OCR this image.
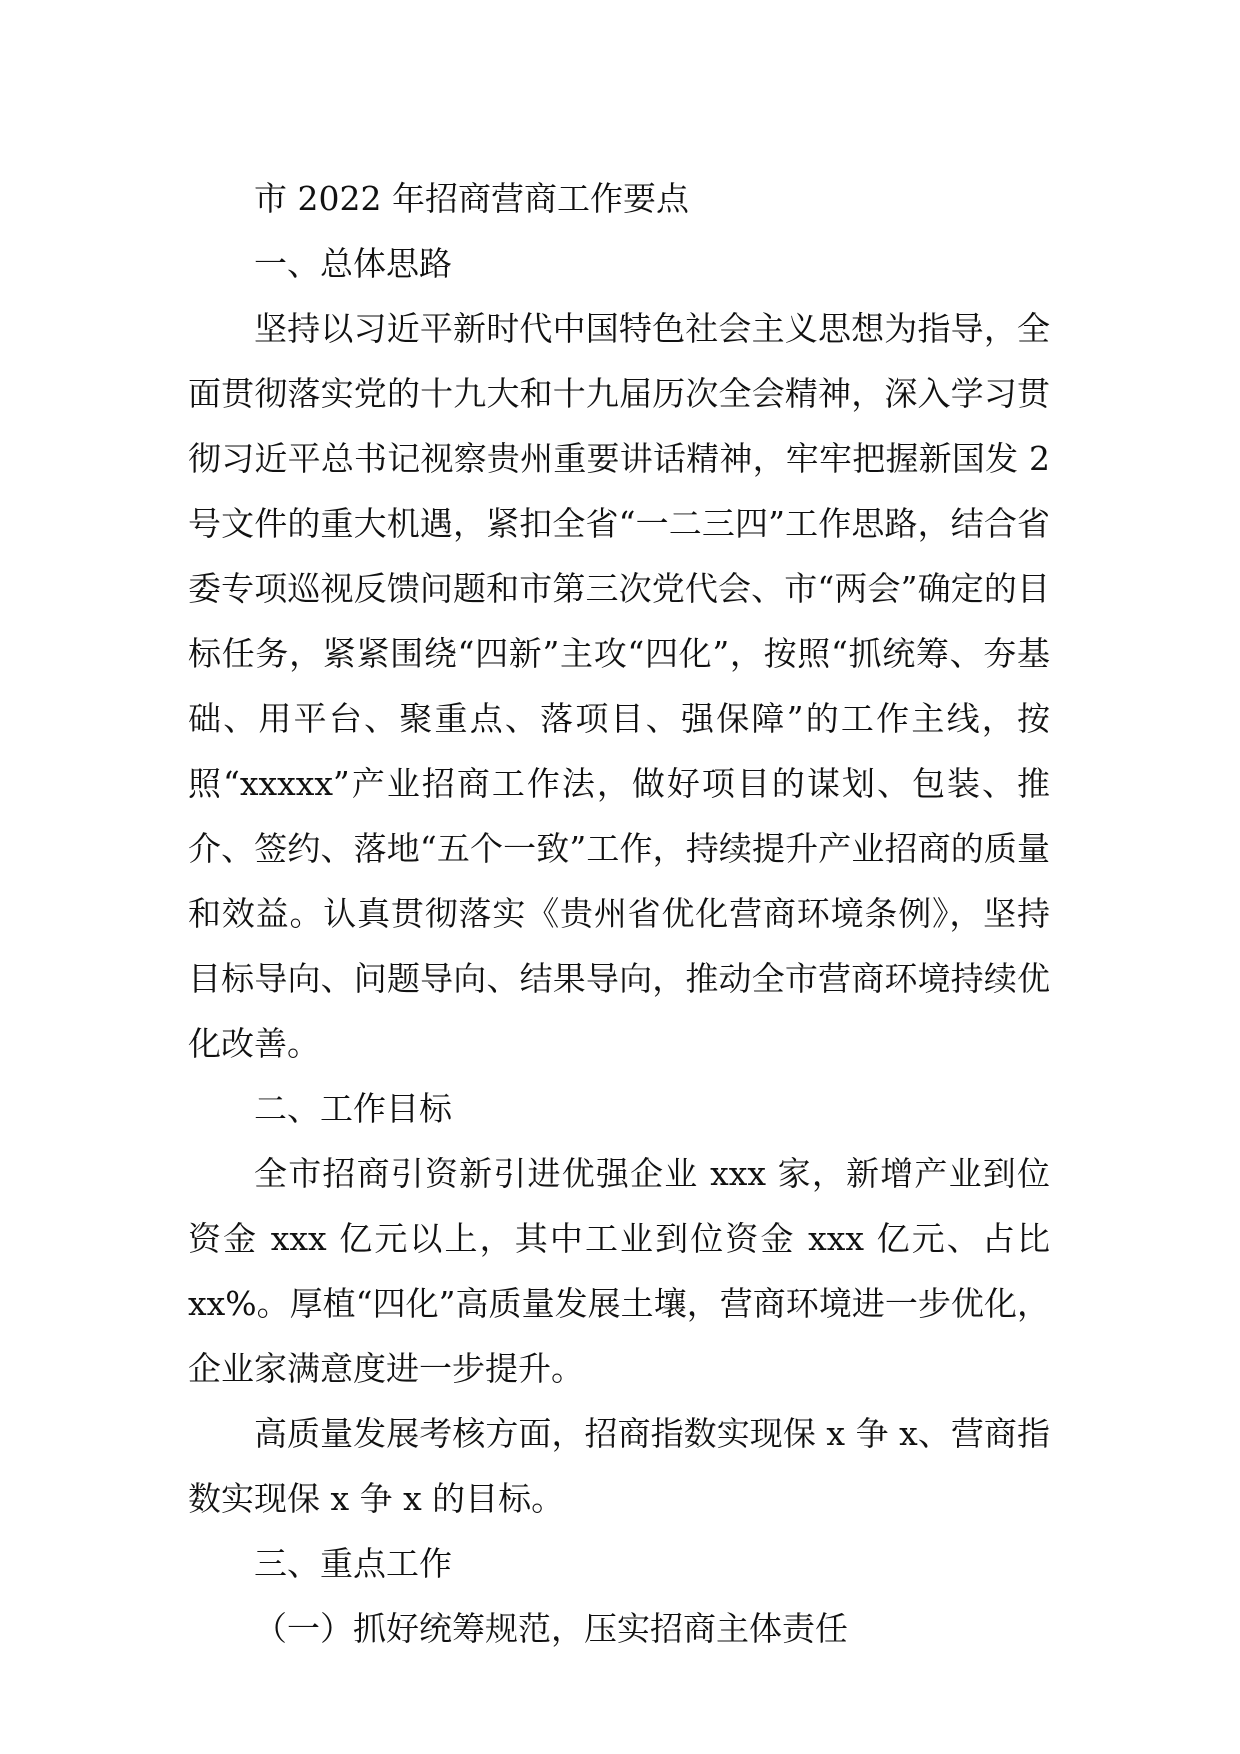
市 2022 年招商营商工作要点

一、总体思路

坚持以习近平新时代中国特色社会主义思想为指导，全面贯彻落实党的十九大和十九届历次全会精神，深入学习贯彻习近平总书记视察贵州重要讲话精神，牢牢把握新国发 2 号文件的重大机遇，紧扣全省“一二三四”工作思路，结合省委专项巡视反馈问题和市第三次党代会、市“两会”确定的目标任务，紧紧围绕“四新”主攻“四化”，按照“抓统筹、夯基础、用平台、聚重点、落项目、强保障”的工作主线，按照“xxxxx”产业招商工作法，做好项目的谋划、包装、推介、签约、落地“五个一致”工作，持续提升产业招商的质量和效益。认真贯彻落实《贵州省优化营商环境条例》，坚持目标导向、问题导向、结果导向，推动全市营商环境持续优化改善。

二、工作目标

全市招商引资新引进优强企业 xxx 家，新增产业到位资金 xxx 亿元以上，其中工业到位资金 xxx 亿元、占比 xx%。厚植“四化”高质量发展土壤，营商环境进一步优化，企业家满意度进一步提升。

高质量发展考核方面，招商指数实现保 x 争 x、营商指数实现保 x 争 x 的目标。

三、重点工作

（一）抓好统筹规范，压实招商主体责任
